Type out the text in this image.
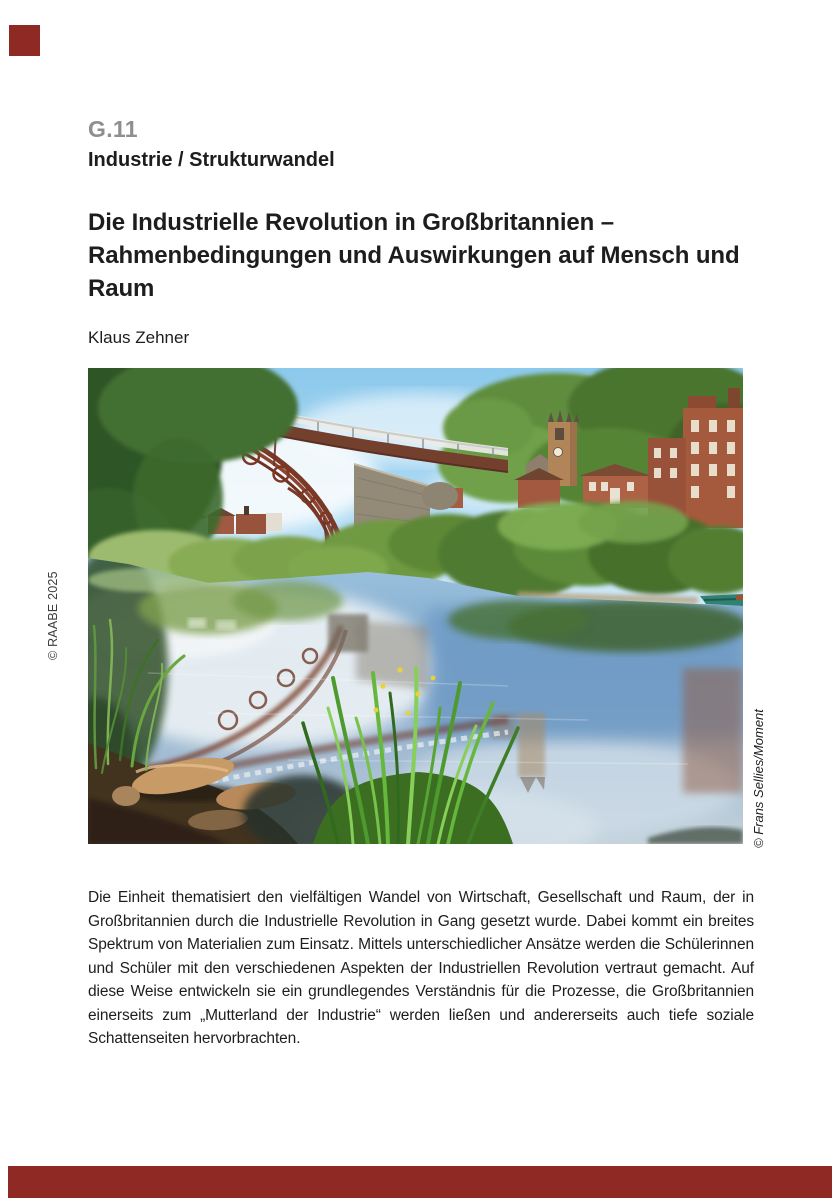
G.11
Industrie / Strukturwandel
Die Industrielle Revolution in Großbritannien –
Rahmenbedingungen und Auswirkungen auf Mensch und
Raum
Klaus Zehner
© RAABE 2025
© Frans Sellies/Moment
Die Einheit thematisiert den vielfältigen Wandel von Wirtschaft, Gesellschaft und Raum, der in Großbritannien durch die Industrielle Revolution in Gang gesetzt wurde. Dabei kommt ein breites Spektrum von Materialien zum Einsatz. Mittels unterschiedlicher Ansätze werden die Schülerinnen und Schüler mit den verschiedenen Aspekten der Industriellen Revolution vertraut gemacht. Auf diese Weise entwickeln sie ein grundlegendes Verständnis für die Prozesse, die Großbritannien einerseits zum „Mutterland der Industrie“ werden ließen und andererseits auch tiefe soziale Schattenseiten hervorbrachten.
